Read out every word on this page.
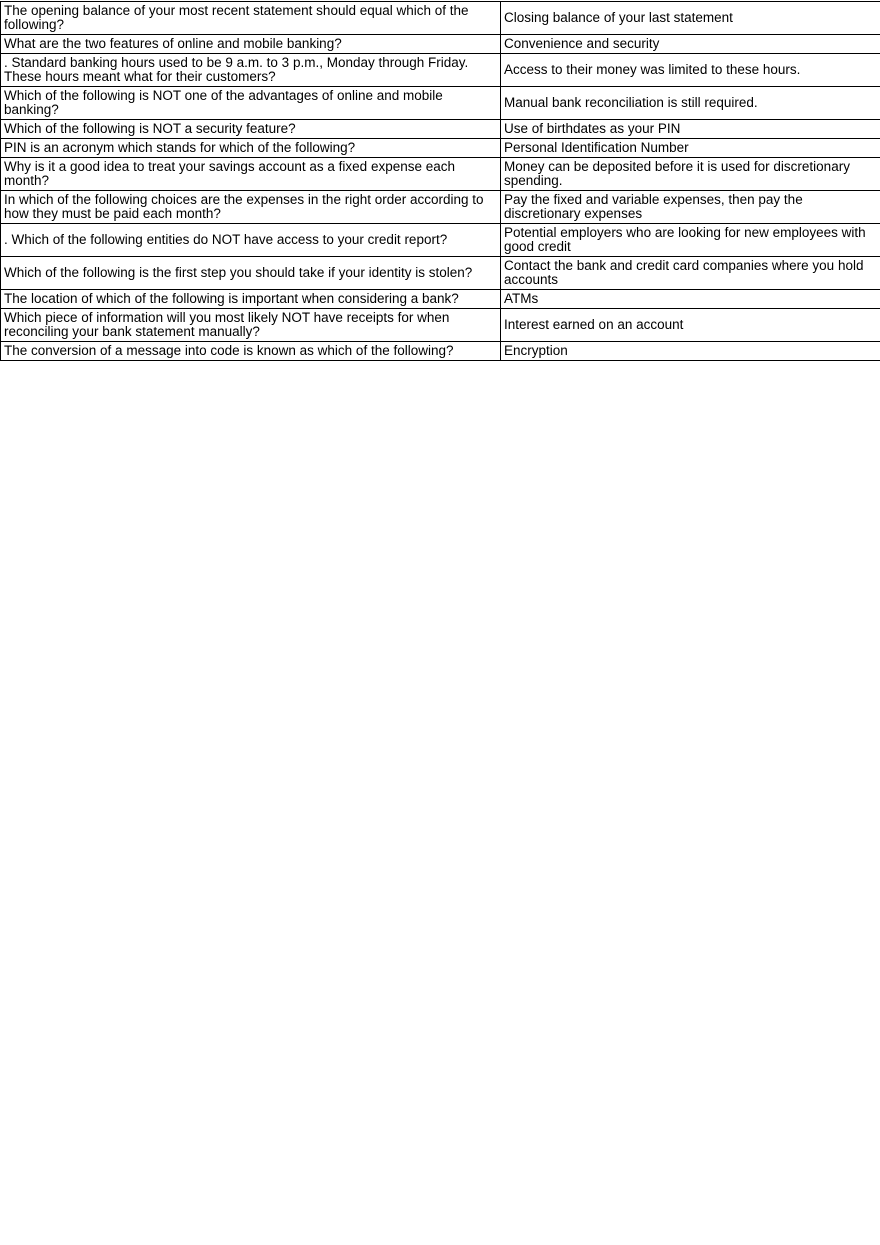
The opening balance of your most recent statement should equal which of the following?	Closing balance of your last statement
What are the two features of online and mobile banking?	Convenience and security
. Standard banking hours used to be 9 a.m. to 3 p.m., Monday through Friday. These hours meant what for their customers?	Access to their money was limited to these hours.
Which of the following is NOT one of the advantages of online and mobile banking?	Manual bank reconciliation is still required.
Which of the following is NOT a security feature?	Use of birthdates as your PIN
PIN is an acronym which stands for which of the following?	Personal Identification Number
Why is it a good idea to treat your savings account as a fixed expense each month?	Money can be deposited before it is used for discretionary spending.
In which of the following choices are the expenses in the right order according to how they must be paid each month?	Pay the fixed and variable expenses, then pay the discretionary expenses
. Which of the following entities do NOT have access to your credit report?	Potential employers who are looking for new employees with good credit
Which of the following is the first step you should take if your identity is stolen?	Contact the bank and credit card companies where you hold accounts
The location of which of the following is important when considering a bank?	ATMs
Which piece of information will you most likely NOT have receipts for when reconciling your bank statement manually?	Interest earned on an account
The conversion of a message into code is known as which of the following?	Encryption
